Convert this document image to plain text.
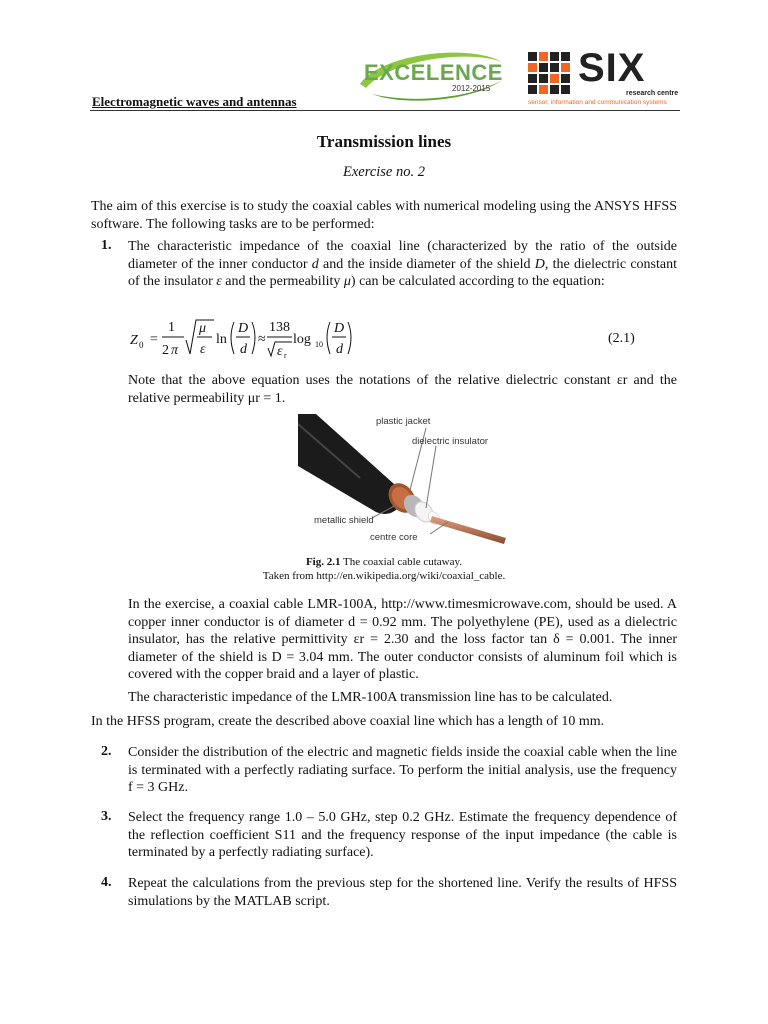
EXCELENCE
2012-2015 SIX
research centre
sensor, information and communication systems
Electromagnetic waves and antennas
Transmission lines
Exercise no. 2
The aim of this exercise is to study the coaxial cables with numerical modeling using the ANSYS HFSS software. The following tasks are to be performed:
1. The characteristic impedance of the coaxial line (characterized by the ratio of the outside diameter of the inner conductor d and the inside diameter of the shield D, the dielectric constant of the insulator ε and the permeability μ) can be calculated according to the equation:
Z 0 =
1
2 π
μ
ε
ln
D
d
≈
138
ε r
log 10
D
d
(2.1)
Note that the above equation uses the notations of the relative dielectric constant εr and the relative permeability μr = 1.
plastic jacket
dielectric insulator
metallic shield
centre core
Fig. 2.1 The coaxial cable cutaway.
Taken from http://en.wikipedia.org/wiki/coaxial_cable.
In the exercise, a coaxial cable LMR-100A, http://www.timesmicrowave.com, should be used. A copper inner conductor is of diameter d = 0.92 mm. The polyethylene (PE), used as a dielectric insulator, has the relative permittivity εr = 2.30 and the loss factor tan δ = 0.001. The inner diameter of the shield is D = 3.04 mm. The outer conductor consists of aluminum foil which is covered with the copper braid and a layer of plastic.
The characteristic impedance of the LMR-100A transmission line has to be calculated.
In the HFSS program, create the described above coaxial line which has a length of 10 mm.
2. Consider the distribution of the electric and magnetic fields inside the coaxial cable when the line is terminated with a perfectly radiating surface. To perform the initial analysis, use the frequency f = 3 GHz.
3. Select the frequency range 1.0 – 5.0 GHz, step 0.2 GHz. Estimate the frequency dependence of the reflection coefficient S11 and the frequency response of the input impedance (the cable is terminated by a perfectly radiating surface).
4. Repeat the calculations from the previous step for the shortened line. Verify the results of HFSS simulations by the MATLAB script.
